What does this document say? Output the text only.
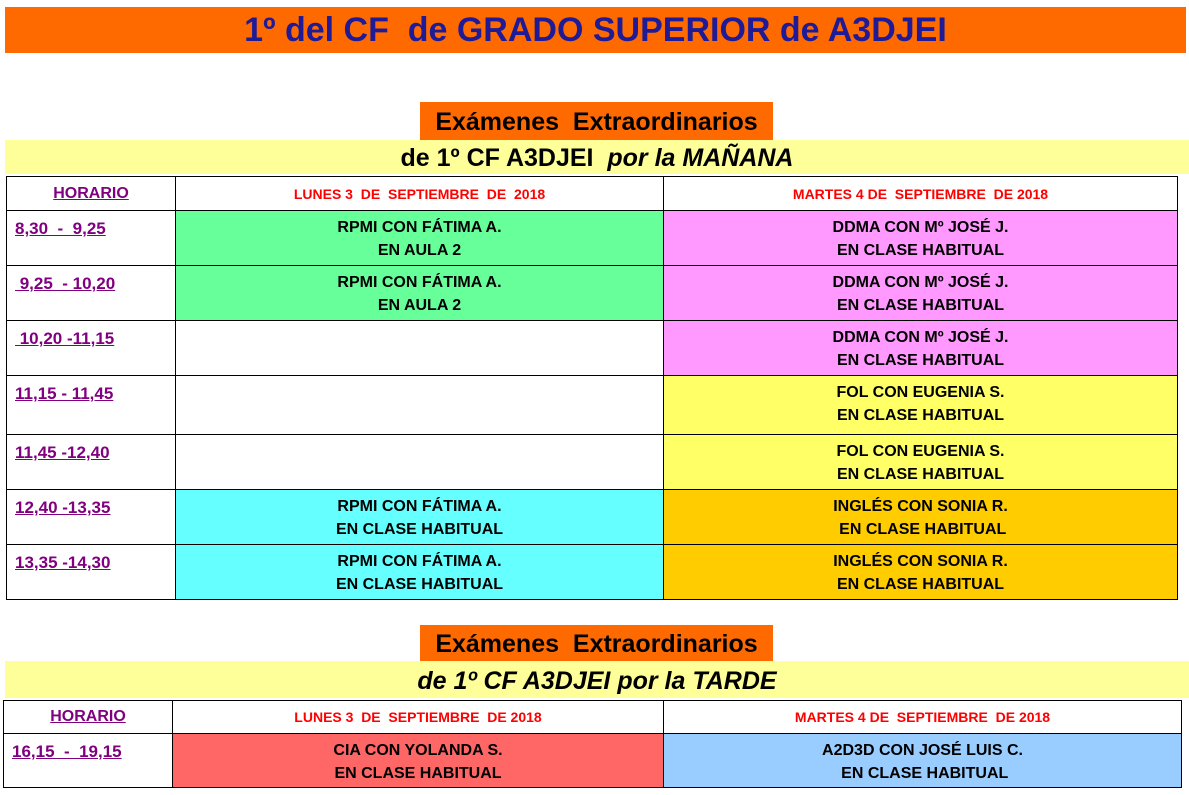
1º del CF  de GRADO SUPERIOR de A3DJEI
Exámenes  Extraordinarios
de 1º CF A3DJEI  por la MAÑANA
HORARIO	LUNES 3  DE  SEPTIEMBRE  DE  2018	MARTES 4 DE  SEPTIEMBRE  DE 2018
8,30  -  9,25	RPMI CON FÁTIMA A.
EN AULA 2	DDMA CON Mº JOSÉ J.
EN CLASE HABITUAL

9,25  - 10,20	RPMI CON FÁTIMA A.
EN AULA 2	DDMA CON Mº JOSÉ J.
EN CLASE HABITUAL

10,20 -11,15		DDMA CON Mº JOSÉ J.
EN CLASE HABITUAL

11,15 - 11,45		FOL CON EUGENIA S.
EN CLASE HABITUAL

11,45 -12,40		FOL CON EUGENIA S.
EN CLASE HABITUAL

12,40 -13,35	RPMI CON FÁTIMA A.
EN CLASE HABITUAL	INGLÉS CON SONIA R.
EN CLASE HABITUAL

13,35 -14,30	RPMI CON FÁTIMA A.
EN CLASE HABITUAL	INGLÉS CON SONIA R.
EN CLASE HABITUAL
Exámenes  Extraordinarios
de 1º CF A3DJEI por la TARDE
HORARIO	LUNES 3  DE  SEPTIEMBRE  DE 2018	MARTES 4 DE  SEPTIEMBRE  DE 2018
16,15  -  19,15	CIA CON YOLANDA S.
EN CLASE HABITUAL	A2D3D CON JOSÉ LUIS C.
EN CLASE HABITUAL
